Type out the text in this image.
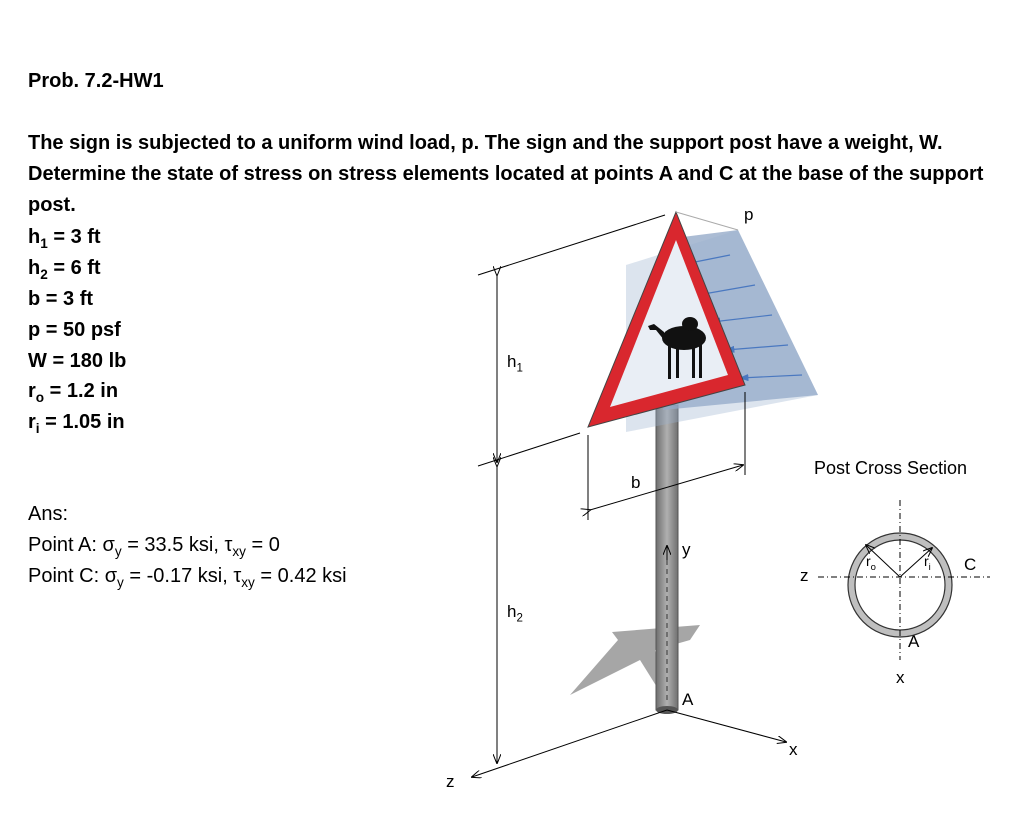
Prob. 7.2-HW1
The sign is subjected to a uniform wind load, p. The sign and the support post have a weight, W. Determine the state of stress on stress elements located at points A and C at the base of the support post.
$h_1 = 3$ ft
$h_2 = 6$ ft
b = 3 ft
p = 50 psf
W = 180 lb
$r_o = 1.2$ in
$r_i = 1.05$ in
Ans:
Point A: $\sigma_y = 33.5$ ksi, $\tau_{xy} = 0$
Point C: $\sigma_y = -0.17$ ksi, $\tau_{xy} = 0.42$ ksi
p
$h_1$
$h_2$
b
y
x
z
A
Post Cross Section
$r_o$	$r_i$ C
A
z
x
